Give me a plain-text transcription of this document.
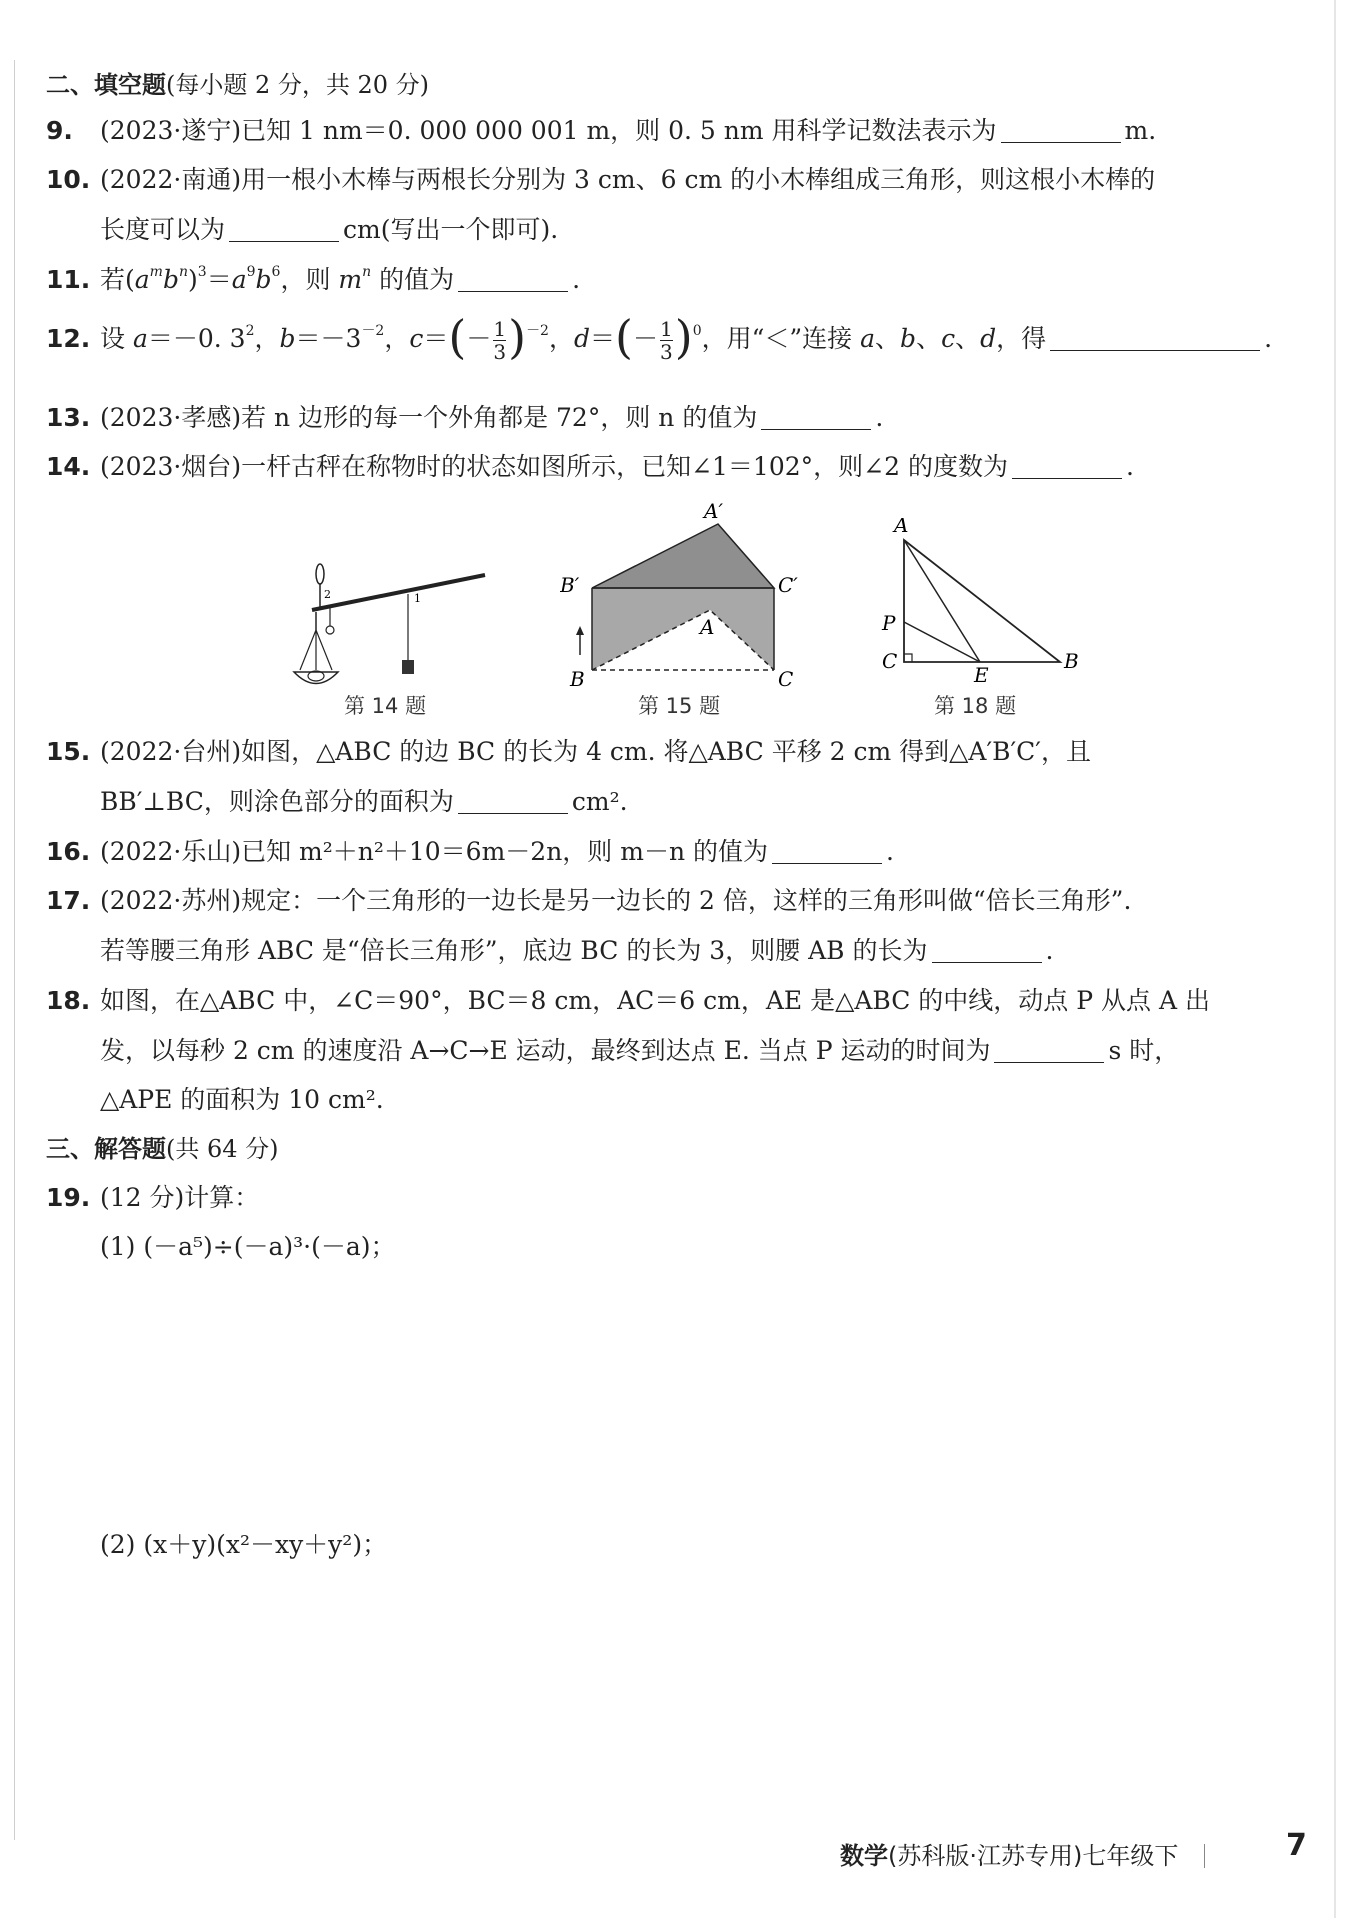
二、填空题(每小题 2 分，共 20 分)
9. (2023·遂宁)已知 1 nm＝0. 000 000 001 m，则 0. 5 nm 用科学记数法表示为	m.
10. (2022·南通)用一根小木棒与两根长分别为 3 cm、6 cm 的小木棒组成三角形，则这根小木棒的
长度可以为	cm(写出一个即可).
11. 若$(a^mb^n)^3=a^9b^6$，则 $m^n$ 的值为	.
12. 设 a＝－0. $3^2$，$b=-3^{-2}$，$c=(- \frac{1}{3} )^{-2}$，$d=(- \frac{1}{3} )^0$，用“＜”连接 a、b、c、d，得	.
13. (2023·孝感)若 n 边形的每一个外角都是 72°，则 n 的值为	.
14. (2023·烟台)一杆古秤在称物时的状态如图所示，已知∠1＝102°，则∠2 的度数为	.
2	1
第 14 题
A′
B′	C′
A
B	C
第 15 题
A
P
C
E
B
第 18 题
15. (2022·台州)如图，△ABC 的边 BC 的长为 4 cm. 将△ABC 平移 2 cm 得到△A′B′C′，且
BB′⊥BC，则涂色部分的面积为	cm².
16. (2022·乐山)已知 m²＋n²＋10＝6m－2n，则 m－n 的值为	.
17. (2022·苏州)规定：一个三角形的一边长是另一边长的 2 倍，这样的三角形叫做“倍长三角形”.
若等腰三角形 ABC 是“倍长三角形”，底边 BC 的长为 3，则腰 AB 的长为	.
18. 如图，在△ABC 中，∠C＝90°，BC＝8 cm，AC＝6 cm，AE 是△ABC 的中线，动点 P 从点 A 出
发，以每秒 2 cm 的速度沿 A→C→E 运动，最终到达点 E. 当点 P 运动的时间为	s 时，
△APE 的面积为 10 cm².
三、解答题(共 64 分)
19. (12 分)计算：
(1) (－a⁵)÷(－a)³·(－a)；
(2) (x＋y)(x²－xy＋y²)；
数学(苏科版·江苏专用)七年级下	7
